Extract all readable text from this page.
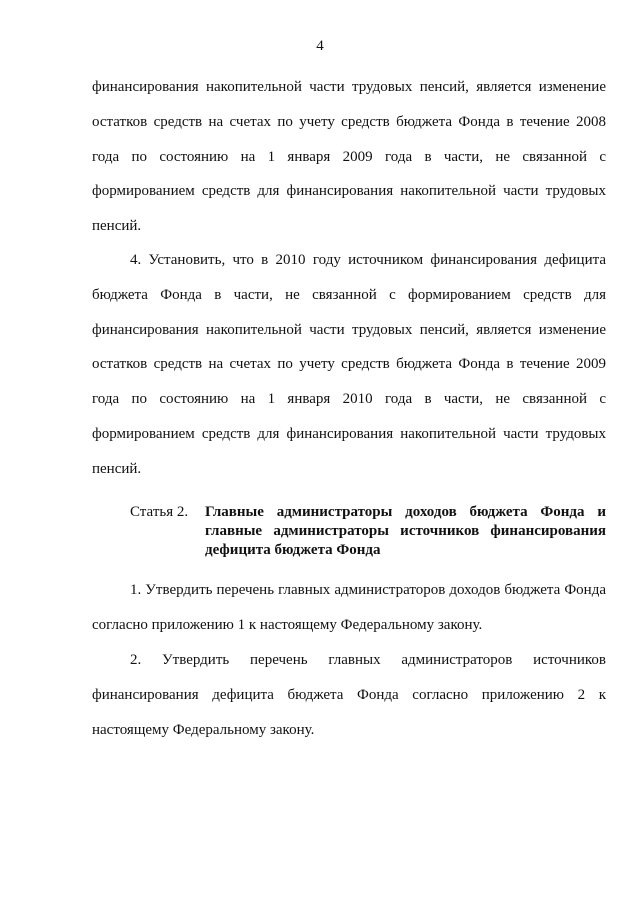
4

финансирования накопительной части трудовых пенсий, является изменение остатков средств на счетах по учету средств бюджета Фонда в течение 2008 года по состоянию на 1 января 2009 года в части, не связанной с формированием средств для финансирования накопительной части трудовых пенсий.

4. Установить, что в 2010 году источником финансирования дефицита бюджета Фонда в части, не связанной с формированием средств для финансирования накопительной части трудовых пенсий, является изменение остатков средств на счетах по учету средств бюджета Фонда в течение 2009 года по состоянию на 1 января 2010 года в части, не связанной с формированием средств для финансирования накопительной части трудовых пенсий.

Статья 2.	Главные администраторы доходов бюджета Фонда и главные администраторы источников финансирования дефицита бюджета Фонда

1. Утвердить перечень главных администраторов доходов бюджета Фонда согласно приложению 1 к настоящему Федеральному закону.

2. Утвердить перечень главных администраторов источников финансирования дефицита бюджета Фонда согласно приложению 2 к настоящему Федеральному закону.
